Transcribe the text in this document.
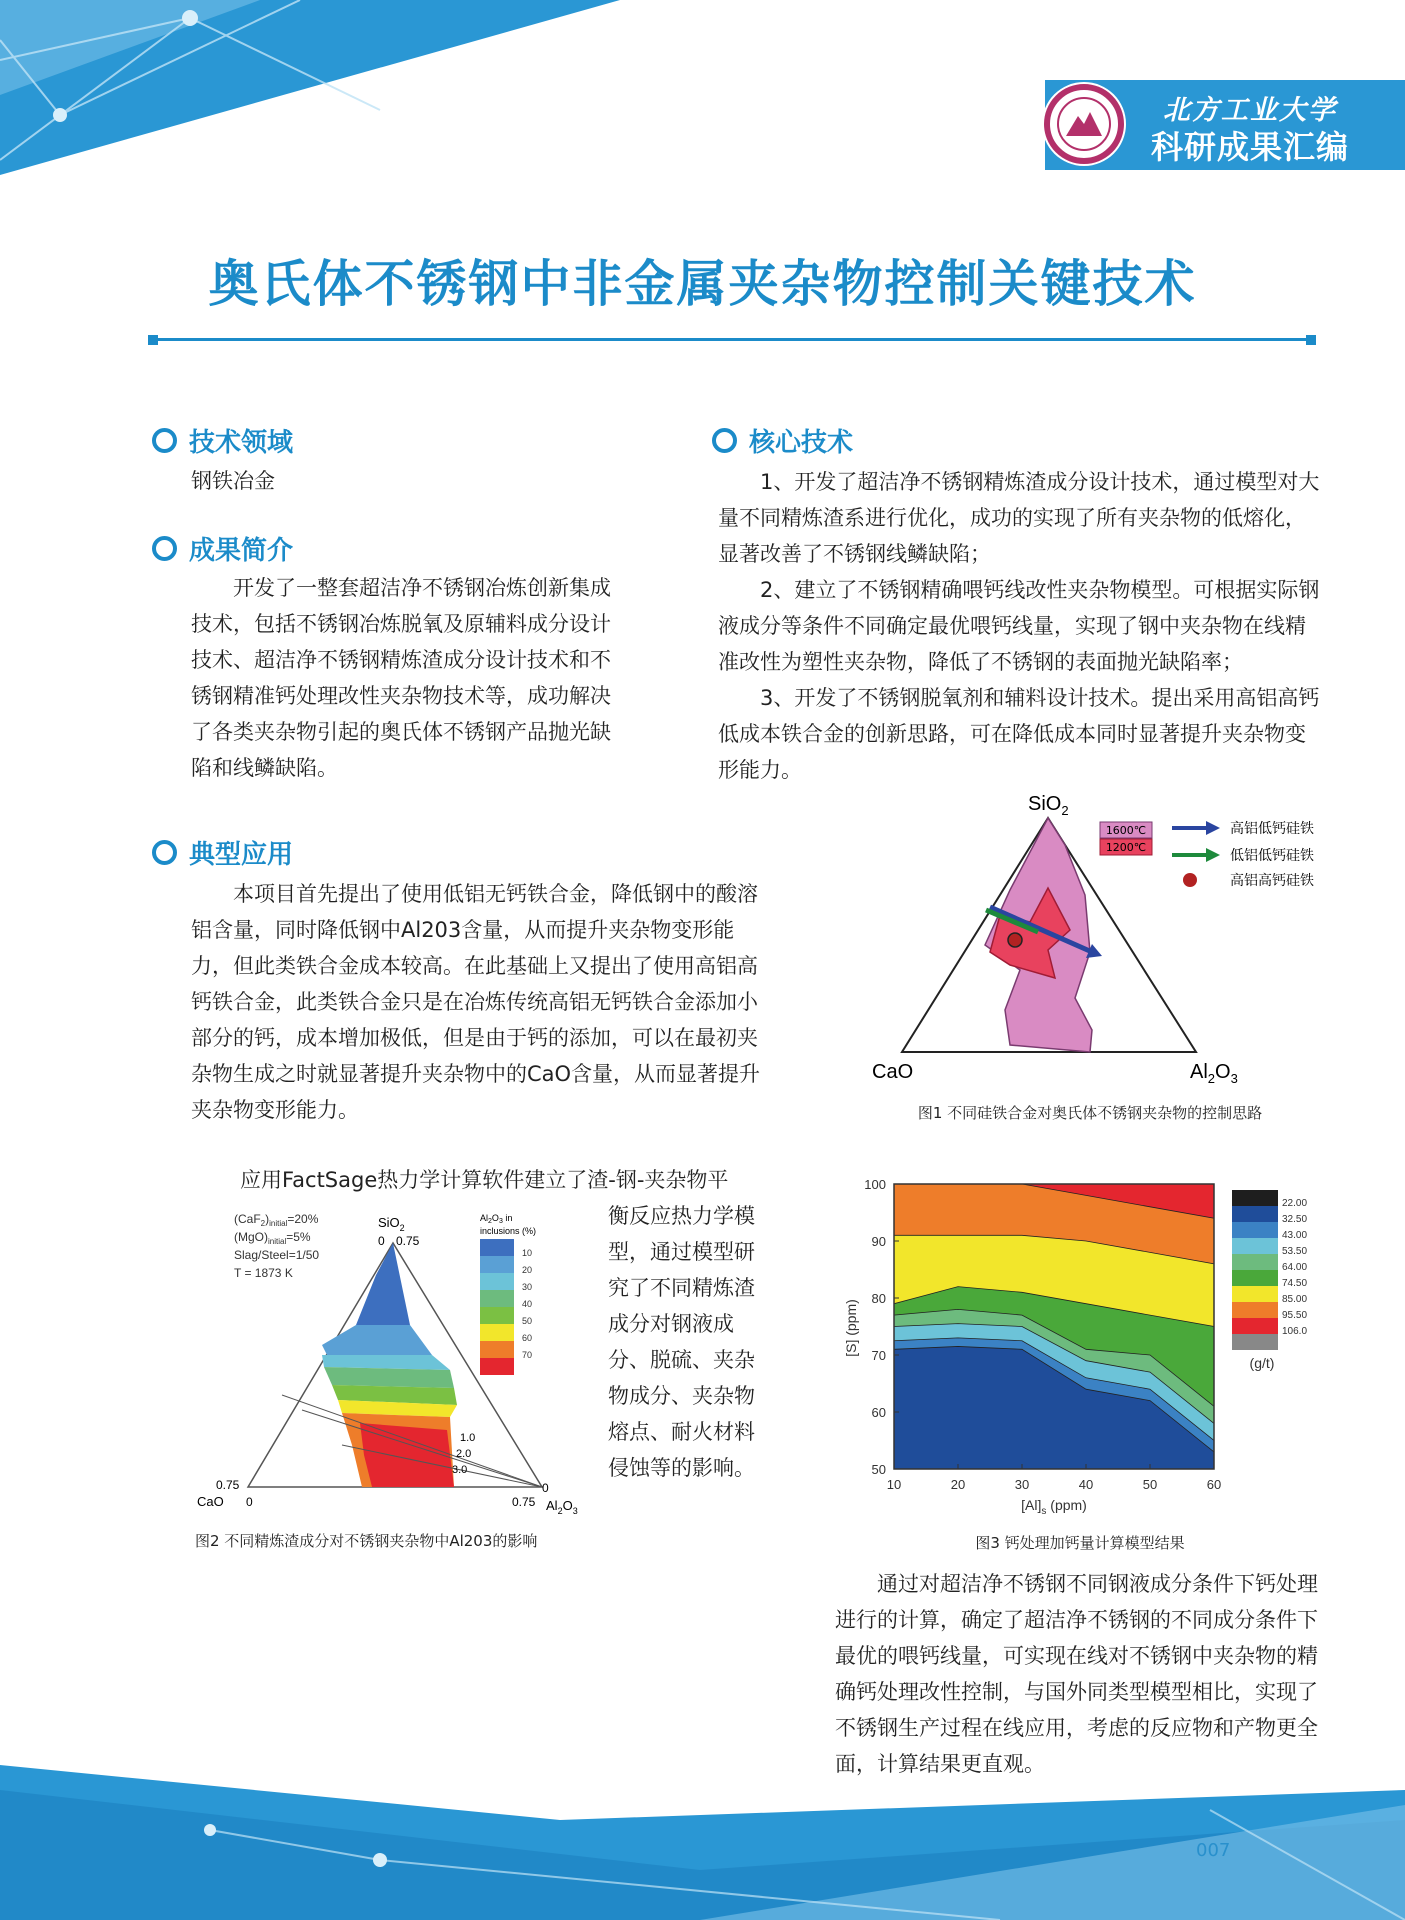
北方工业大学
科研成果汇编
奥氏体不锈钢中非金属夹杂物控制关键技术
技术领域
钢铁冶金
成果简介
开发了一整套超洁净不锈钢冶炼创新集成技术，包括不锈钢冶炼脱氧及原辅料成分设计技术、超洁净不锈钢精炼渣成分设计技术和不锈钢精准钙处理改性夹杂物技术等，成功解决了各类夹杂物引起的奥氏体不锈钢产品抛光缺陷和线鳞缺陷。
核心技术
1、开发了超洁净不锈钢精炼渣成分设计技术，通过模型对大量不同精炼渣系进行优化，成功的实现了所有夹杂物的低熔化，显著改善了不锈钢线鳞缺陷；
2、建立了不锈钢精确喂钙线改性夹杂物模型。可根据实际钢液成分等条件不同确定最优喂钙线量，实现了钢中夹杂物在线精准改性为塑性夹杂物，降低了不锈钢的表面抛光缺陷率；
3、开发了不锈钢脱氧剂和辅料设计技术。提出采用高铝高钙低成本铁合金的创新思路，可在降低成本同时显著提升夹杂物变形能力。
典型应用
本项目首先提出了使用低铝无钙铁合金，降低钢中的酸溶铝含量，同时降低钢中Al203含量，从而提升夹杂物变形能力，但此类铁合金成本较高。在此基础上又提出了使用高铝高钙铁合金，此类铁合金只是在冶炼传统高铝无钙铁合金添加小部分的钙，成本增加极低，但是由于钙的添加，可以在最初夹杂物生成之时就显著提升夹杂物中的CaO含量，从而显著提升夹杂物变形能力。
SiO$_2$
CaO	$Al_2O_3$
1600℃
1200℃
高铝低钙硅铁
低铝低钙硅铁
高铝高钙硅铁
图1 不同硅铁合金对奥氏体不锈钢夹杂物的控制思路
应用FactSage热力学计算软件建立了渣-钢-夹杂物平
衡反应热力学模
型，通过模型研
究了不同精炼渣
成分对钢液成
分、脱硫、夹杂
物成分、夹杂物
熔点、耐火材料
侵蚀等的影响。
$(CaF_2)_{initial}=20\%$
$(MgO)_{initial}=5\%$
Slag/Steel=1/50
T = 1873 K
1.0
2.0
3.0
SiO$_2$
0 0.75
0.75
0
CaO	0.75
0
$Al_2O_3$
$Al_2O_3$ in
inclusions (%)
10
20
30
40
50
60
70
图2 不同精炼渣成分对不锈钢夹杂物中Al203的影响
10	20	30	40	50	60
50
60
70
80
90
100
$[Al]_s$ (ppm)
[S] (ppm)
22.00
32.50
43.00
53.50
64.00
74.50
85.00
95.50
106.0
(g/t)
图3 钙处理加钙量计算模型结果
通过对超洁净不锈钢不同钢液成分条件下钙处理进行的计算，确定了超洁净不锈钢的不同成分条件下最优的喂钙线量，可实现在线对不锈钢中夹杂物的精确钙处理改性控制，与国外同类型模型相比，实现了不锈钢生产过程在线应用，考虑的反应物和产物更全面，计算结果更直观。
007
